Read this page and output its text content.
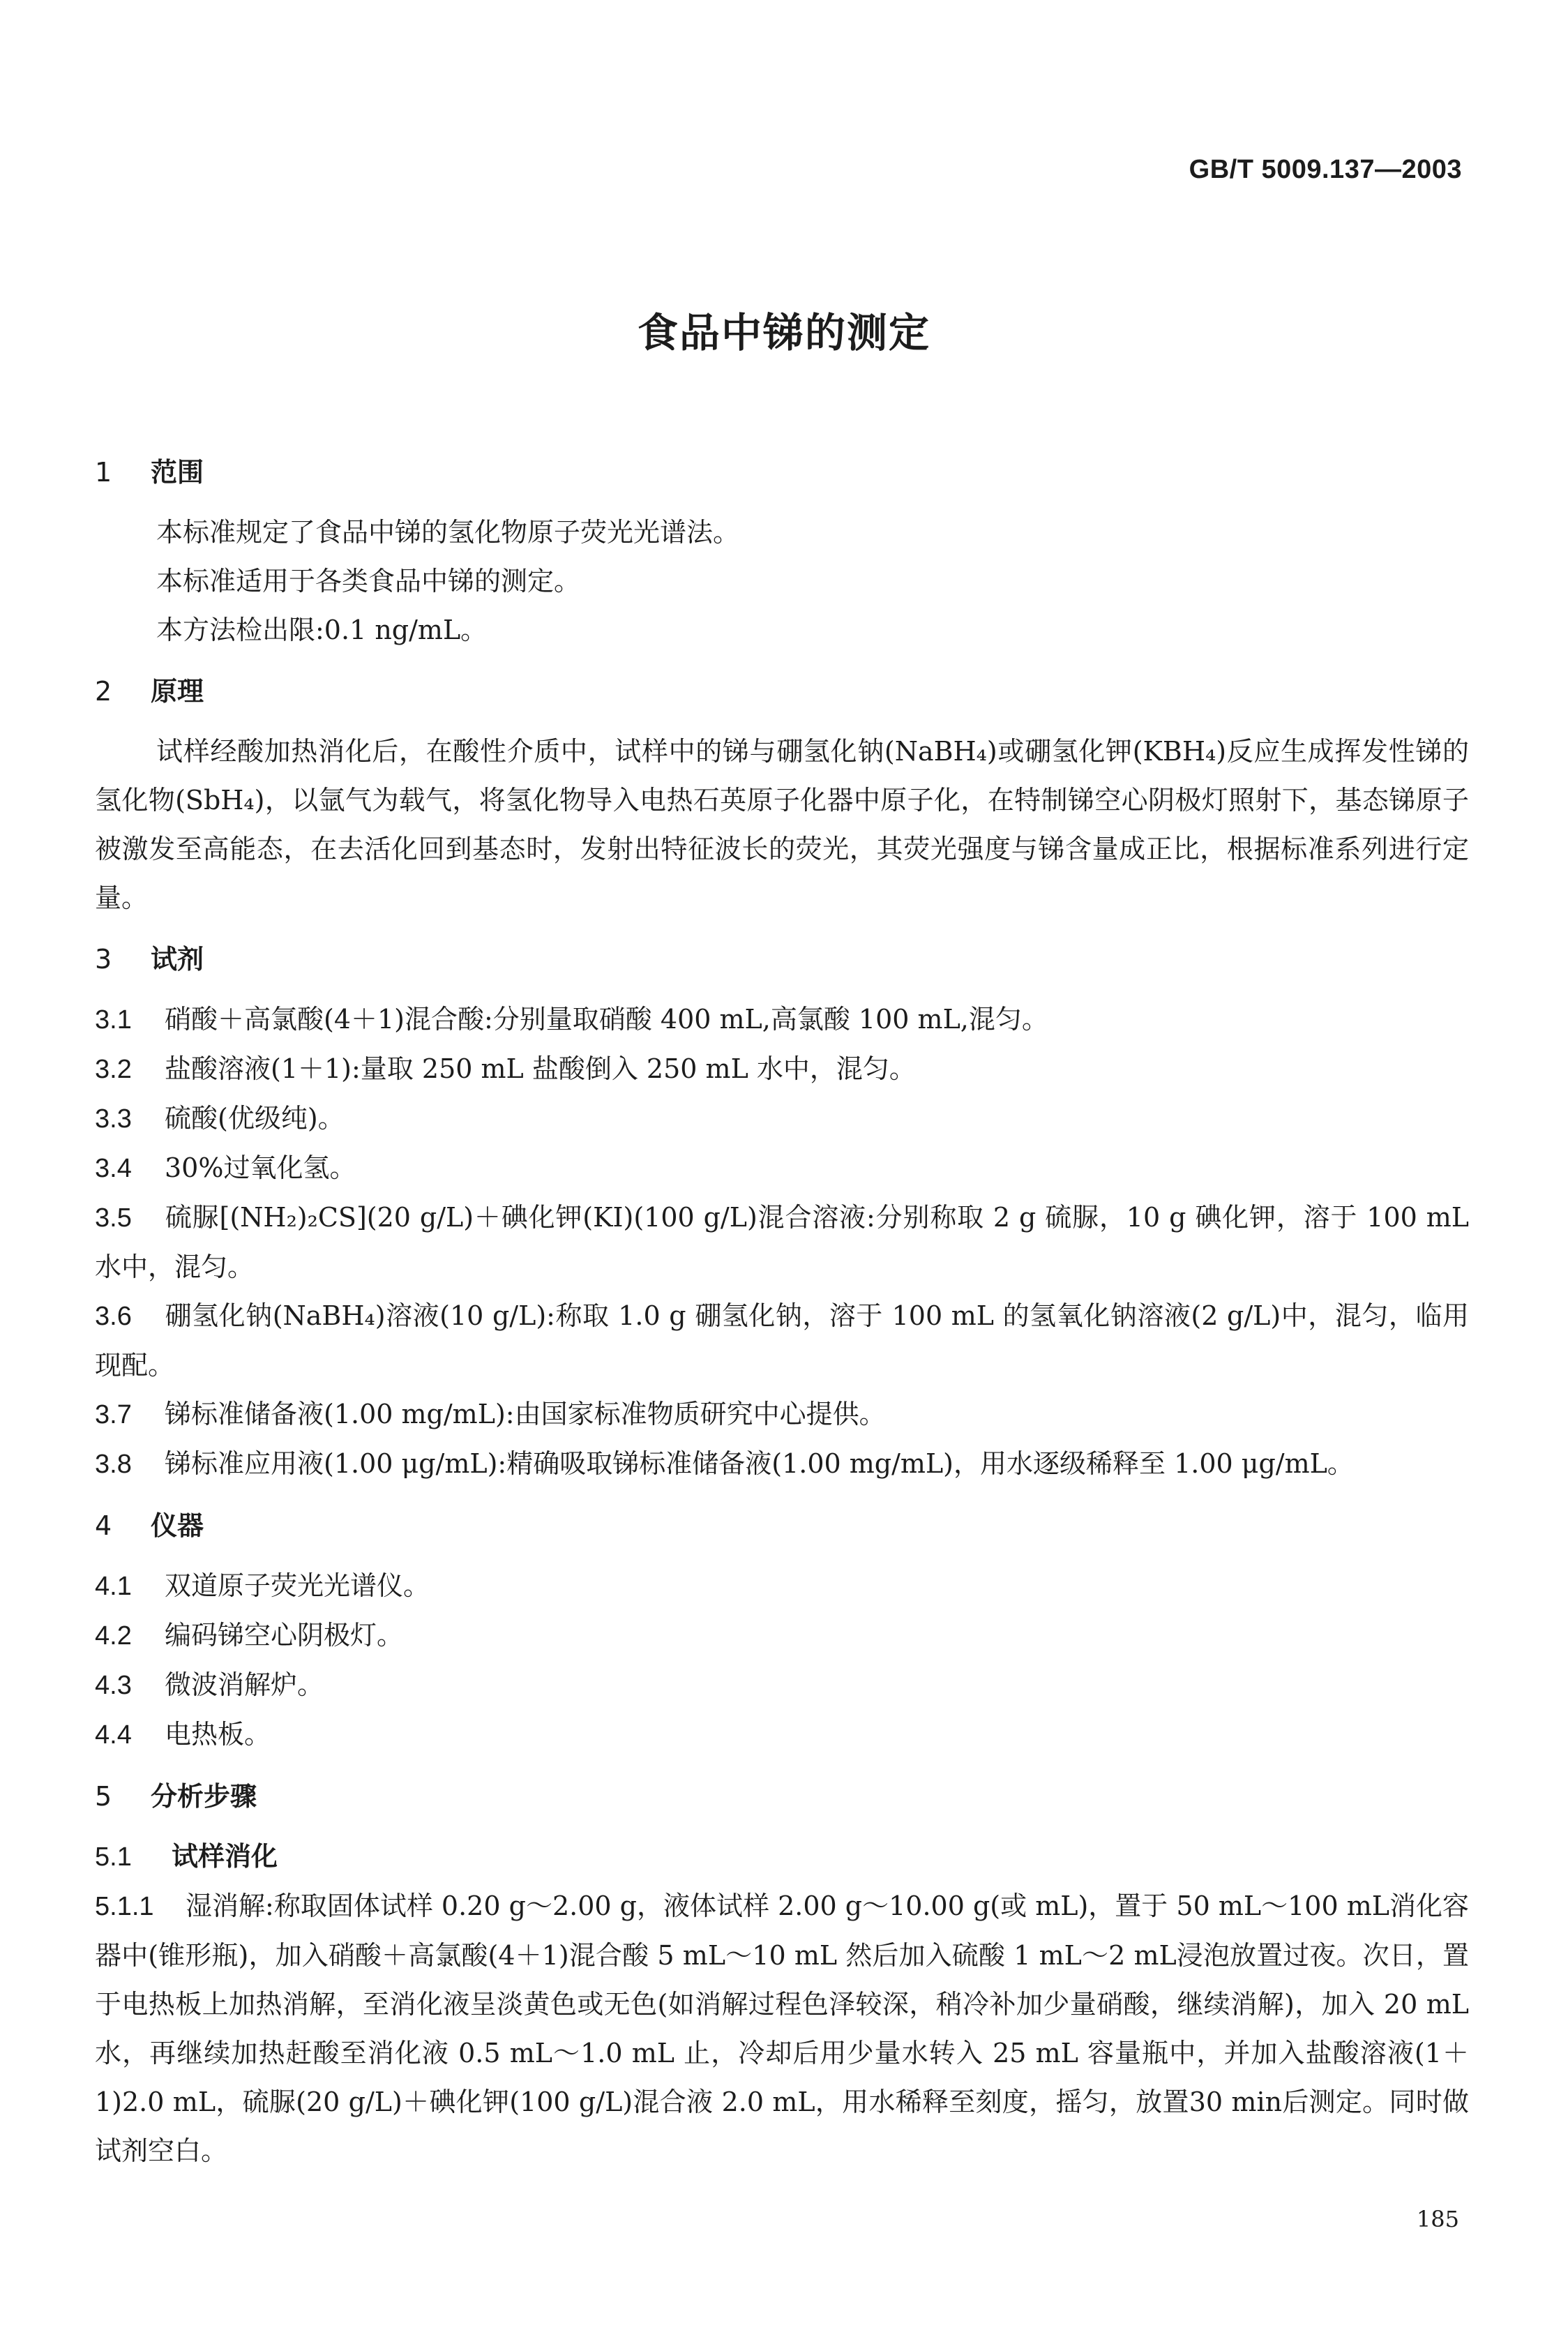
GB/T 5009.137—2003
食品中锑的测定
1 范围
本标准规定了食品中锑的氢化物原子荧光光谱法。
本标准适用于各类食品中锑的测定。
本方法检出限:0.1 ng/mL。
2 原理
试样经酸加热消化后，在酸性介质中，试样中的锑与硼氢化钠(NaBH₄)或硼氢化钾(KBH₄)反应生成挥发性锑的氢化物(SbH₄)，以氩气为载气，将氢化物导入电热石英原子化器中原子化，在特制锑空心阴极灯照射下，基态锑原子被激发至高能态，在去活化回到基态时，发射出特征波长的荧光，其荧光强度与锑含量成正比，根据标准系列进行定量。
3 试剂
3.1 硝酸＋高氯酸(4＋1)混合酸:分别量取硝酸 400 mL,高氯酸 100 mL,混匀。
3.2 盐酸溶液(1＋1):量取 250 mL 盐酸倒入 250 mL 水中，混匀。
3.3 硫酸(优级纯)。
3.4 30%过氧化氢。
3.5 硫脲[(NH₂)₂CS](20 g/L)＋碘化钾(KI)(100 g/L)混合溶液:分别称取 2 g 硫脲，10 g 碘化钾，溶于 100 mL 水中，混匀。
3.6 硼氢化钠(NaBH₄)溶液(10 g/L):称取 1.0 g 硼氢化钠，溶于 100 mL 的氢氧化钠溶液(2 g/L)中，混匀，临用现配。
3.7 锑标准储备液(1.00 mg/mL):由国家标准物质研究中心提供。
3.8 锑标准应用液(1.00 μg/mL):精确吸取锑标准储备液(1.00 mg/mL)，用水逐级稀释至 1.00 μg/mL。
4 仪器
4.1 双道原子荧光光谱仪。
4.2 编码锑空心阴极灯。
4.3 微波消解炉。
4.4 电热板。
5 分析步骤
5.1 试样消化
5.1.1 湿消解:称取固体试样 0.20 g～2.00 g，液体试样 2.00 g～10.00 g(或 mL)，置于 50 mL～100 mL消化容器中(锥形瓶)，加入硝酸＋高氯酸(4＋1)混合酸 5 mL～10 mL 然后加入硫酸 1 mL～2 mL浸泡放置过夜。次日，置于电热板上加热消解，至消化液呈淡黄色或无色(如消解过程色泽较深，稍冷补加少量硝酸，继续消解)，加入 20 mL 水，再继续加热赶酸至消化液 0.5 mL～1.0 mL 止，冷却后用少量水转入 25 mL 容量瓶中，并加入盐酸溶液(1＋1)2.0 mL，硫脲(20 g/L)＋碘化钾(100 g/L)混合液 2.0 mL，用水稀释至刻度，摇匀，放置30 min后测定。同时做试剂空白。
185
